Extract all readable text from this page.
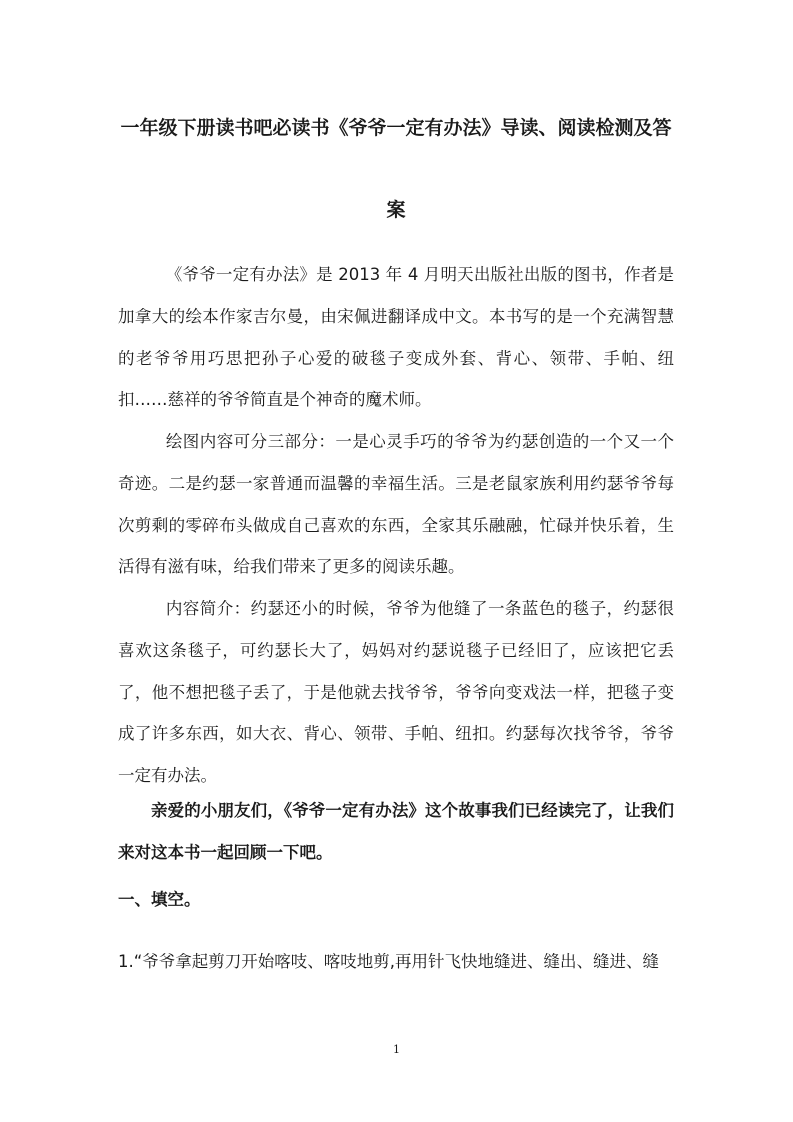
一年级下册读书吧必读书《爷爷一定有办法》导读、阅读检测及答
案

《爷爷一定有办法》是 2013 年 4 月明天出版社出版的图书，作者是加拿大的绘本作家吉尔曼，由宋佩进翻译成中文。本书写的是一个充满智慧的老爷爷用巧思把孙子心爱的破毯子变成外套、背心、领带、手帕、纽扣……慈祥的爷爷简直是个神奇的魔术师。

绘图内容可分三部分：一是心灵手巧的爷爷为约瑟创造的一个又一个奇迹。二是约瑟一家普通而温馨的幸福生活。三是老鼠家族利用约瑟爷爷每次剪剩的零碎布头做成自己喜欢的东西，全家其乐融融，忙碌并快乐着，生活得有滋有味，给我们带来了更多的阅读乐趣。

内容简介：约瑟还小的时候，爷爷为他缝了一条蓝色的毯子，约瑟很喜欢这条毯子，可约瑟长大了，妈妈对约瑟说毯子已经旧了，应该把它丢了，他不想把毯子丢了，于是他就去找爷爷，爷爷向变戏法一样，把毯子变成了许多东西，如大衣、背心、领带、手帕、纽扣。约瑟每次找爷爷，爷爷一定有办法。

亲爱的小朋友们，《爷爷一定有办法》这个故事我们已经读完了，让我们来对这本书一起回顾一下吧。

一、填空。

1.“爷爷拿起剪刀开始喀吱、喀吱地剪,再用针飞快地缝进、缝出、缝进、缝

1
